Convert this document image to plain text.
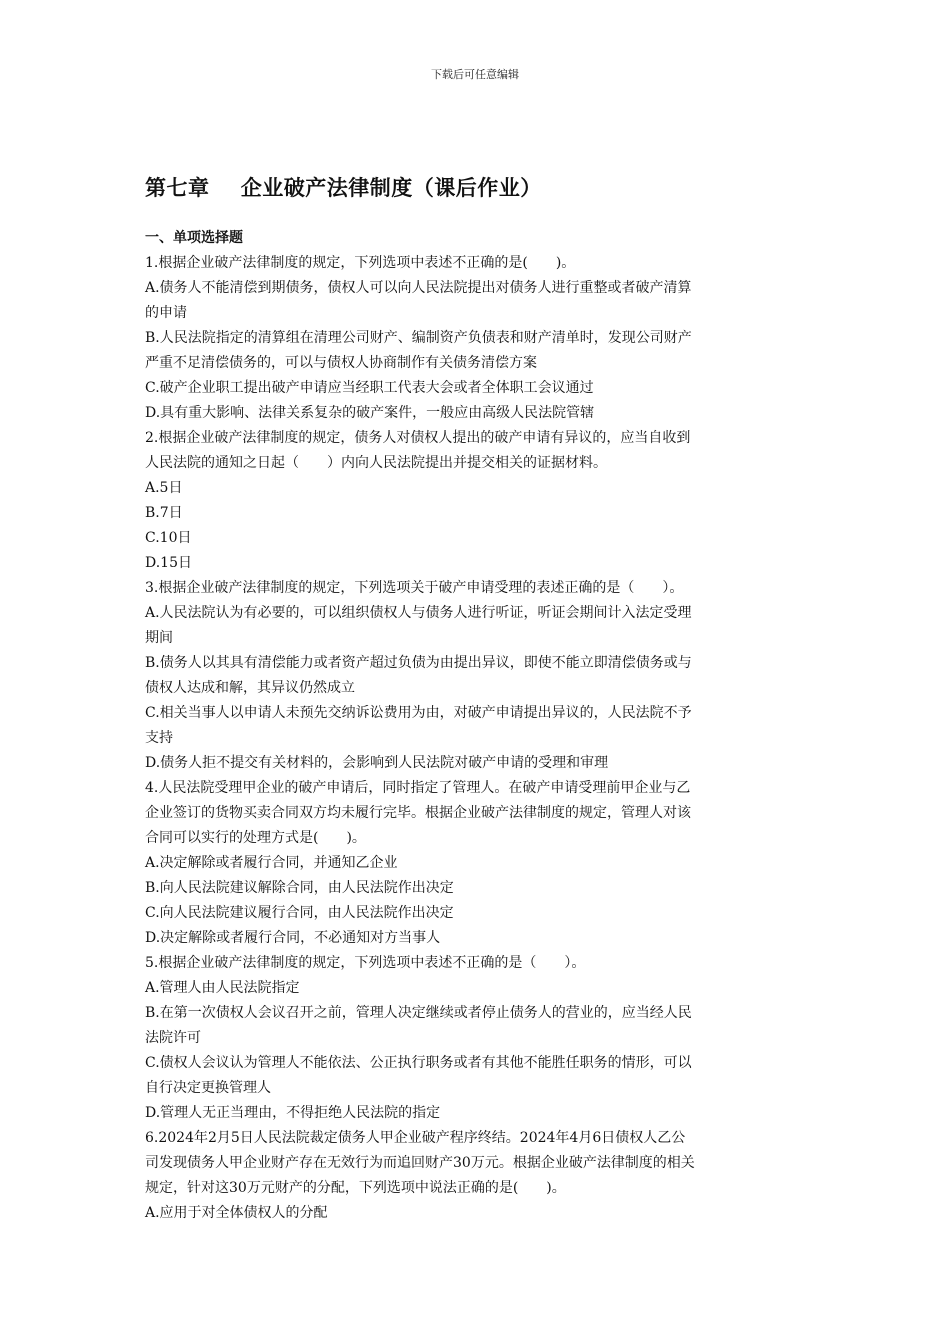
下载后可任意编辑
第七章    企业破产法律制度（课后作业）
一、单项选择题

1.根据企业破产法律制度的规定，下列选项中表述不正确的是(　　)。

A.债务人不能清偿到期债务，债权人可以向人民法院提出对债务人进行重整或者破产清算

的申请

B.人民法院指定的清算组在清理公司财产、编制资产负债表和财产清单时，发现公司财产

严重不足清偿债务的，可以与债权人协商制作有关债务清偿方案

C.破产企业职工提出破产申请应当经职工代表大会或者全体职工会议通过

D.具有重大影响、法律关系复杂的破产案件，一般应由高级人民法院管辖

2.根据企业破产法律制度的规定，债务人对债权人提出的破产申请有异议的，应当自收到

人民法院的通知之日起（　　）内向人民法院提出并提交相关的证据材料。

A.5日

B.7日

C.10日

D.15日

3.根据企业破产法律制度的规定，下列选项关于破产申请受理的表述正确的是（　　）。

A.人民法院认为有必要的，可以组织债权人与债务人进行听证，听证会期间计入法定受理

期间

B.债务人以其具有清偿能力或者资产超过负债为由提出异议，即使不能立即清偿债务或与

债权人达成和解，其异议仍然成立

C.相关当事人以申请人未预先交纳诉讼费用为由，对破产申请提出异议的，人民法院不予

支持

D.债务人拒不提交有关材料的，会影响到人民法院对破产申请的受理和审理

4.人民法院受理甲企业的破产申请后，同时指定了管理人。在破产申请受理前甲企业与乙

企业签订的货物买卖合同双方均未履行完毕。根据企业破产法律制度的规定，管理人对该

合同可以实行的处理方式是(　　)。

A.决定解除或者履行合同，并通知乙企业

B.向人民法院建议解除合同，由人民法院作出决定

C.向人民法院建议履行合同，由人民法院作出决定

D.决定解除或者履行合同，不必通知对方当事人

5.根据企业破产法律制度的规定，下列选项中表述不正确的是（　　）。

A.管理人由人民法院指定

B.在第一次债权人会议召开之前，管理人决定继续或者停止债务人的营业的，应当经人民

法院许可

C.债权人会议认为管理人不能依法、公正执行职务或者有其他不能胜任职务的情形，可以

自行决定更换管理人

D.管理人无正当理由，不得拒绝人民法院的指定

6.2024年2月5日人民法院裁定债务人甲企业破产程序终结。2024年4月6日债权人乙公

司发现债务人甲企业财产存在无效行为而追回财产30万元。根据企业破产法律制度的相关

规定，针对这30万元财产的分配，下列选项中说法正确的是(　　)。

A.应用于对全体债权人的分配
